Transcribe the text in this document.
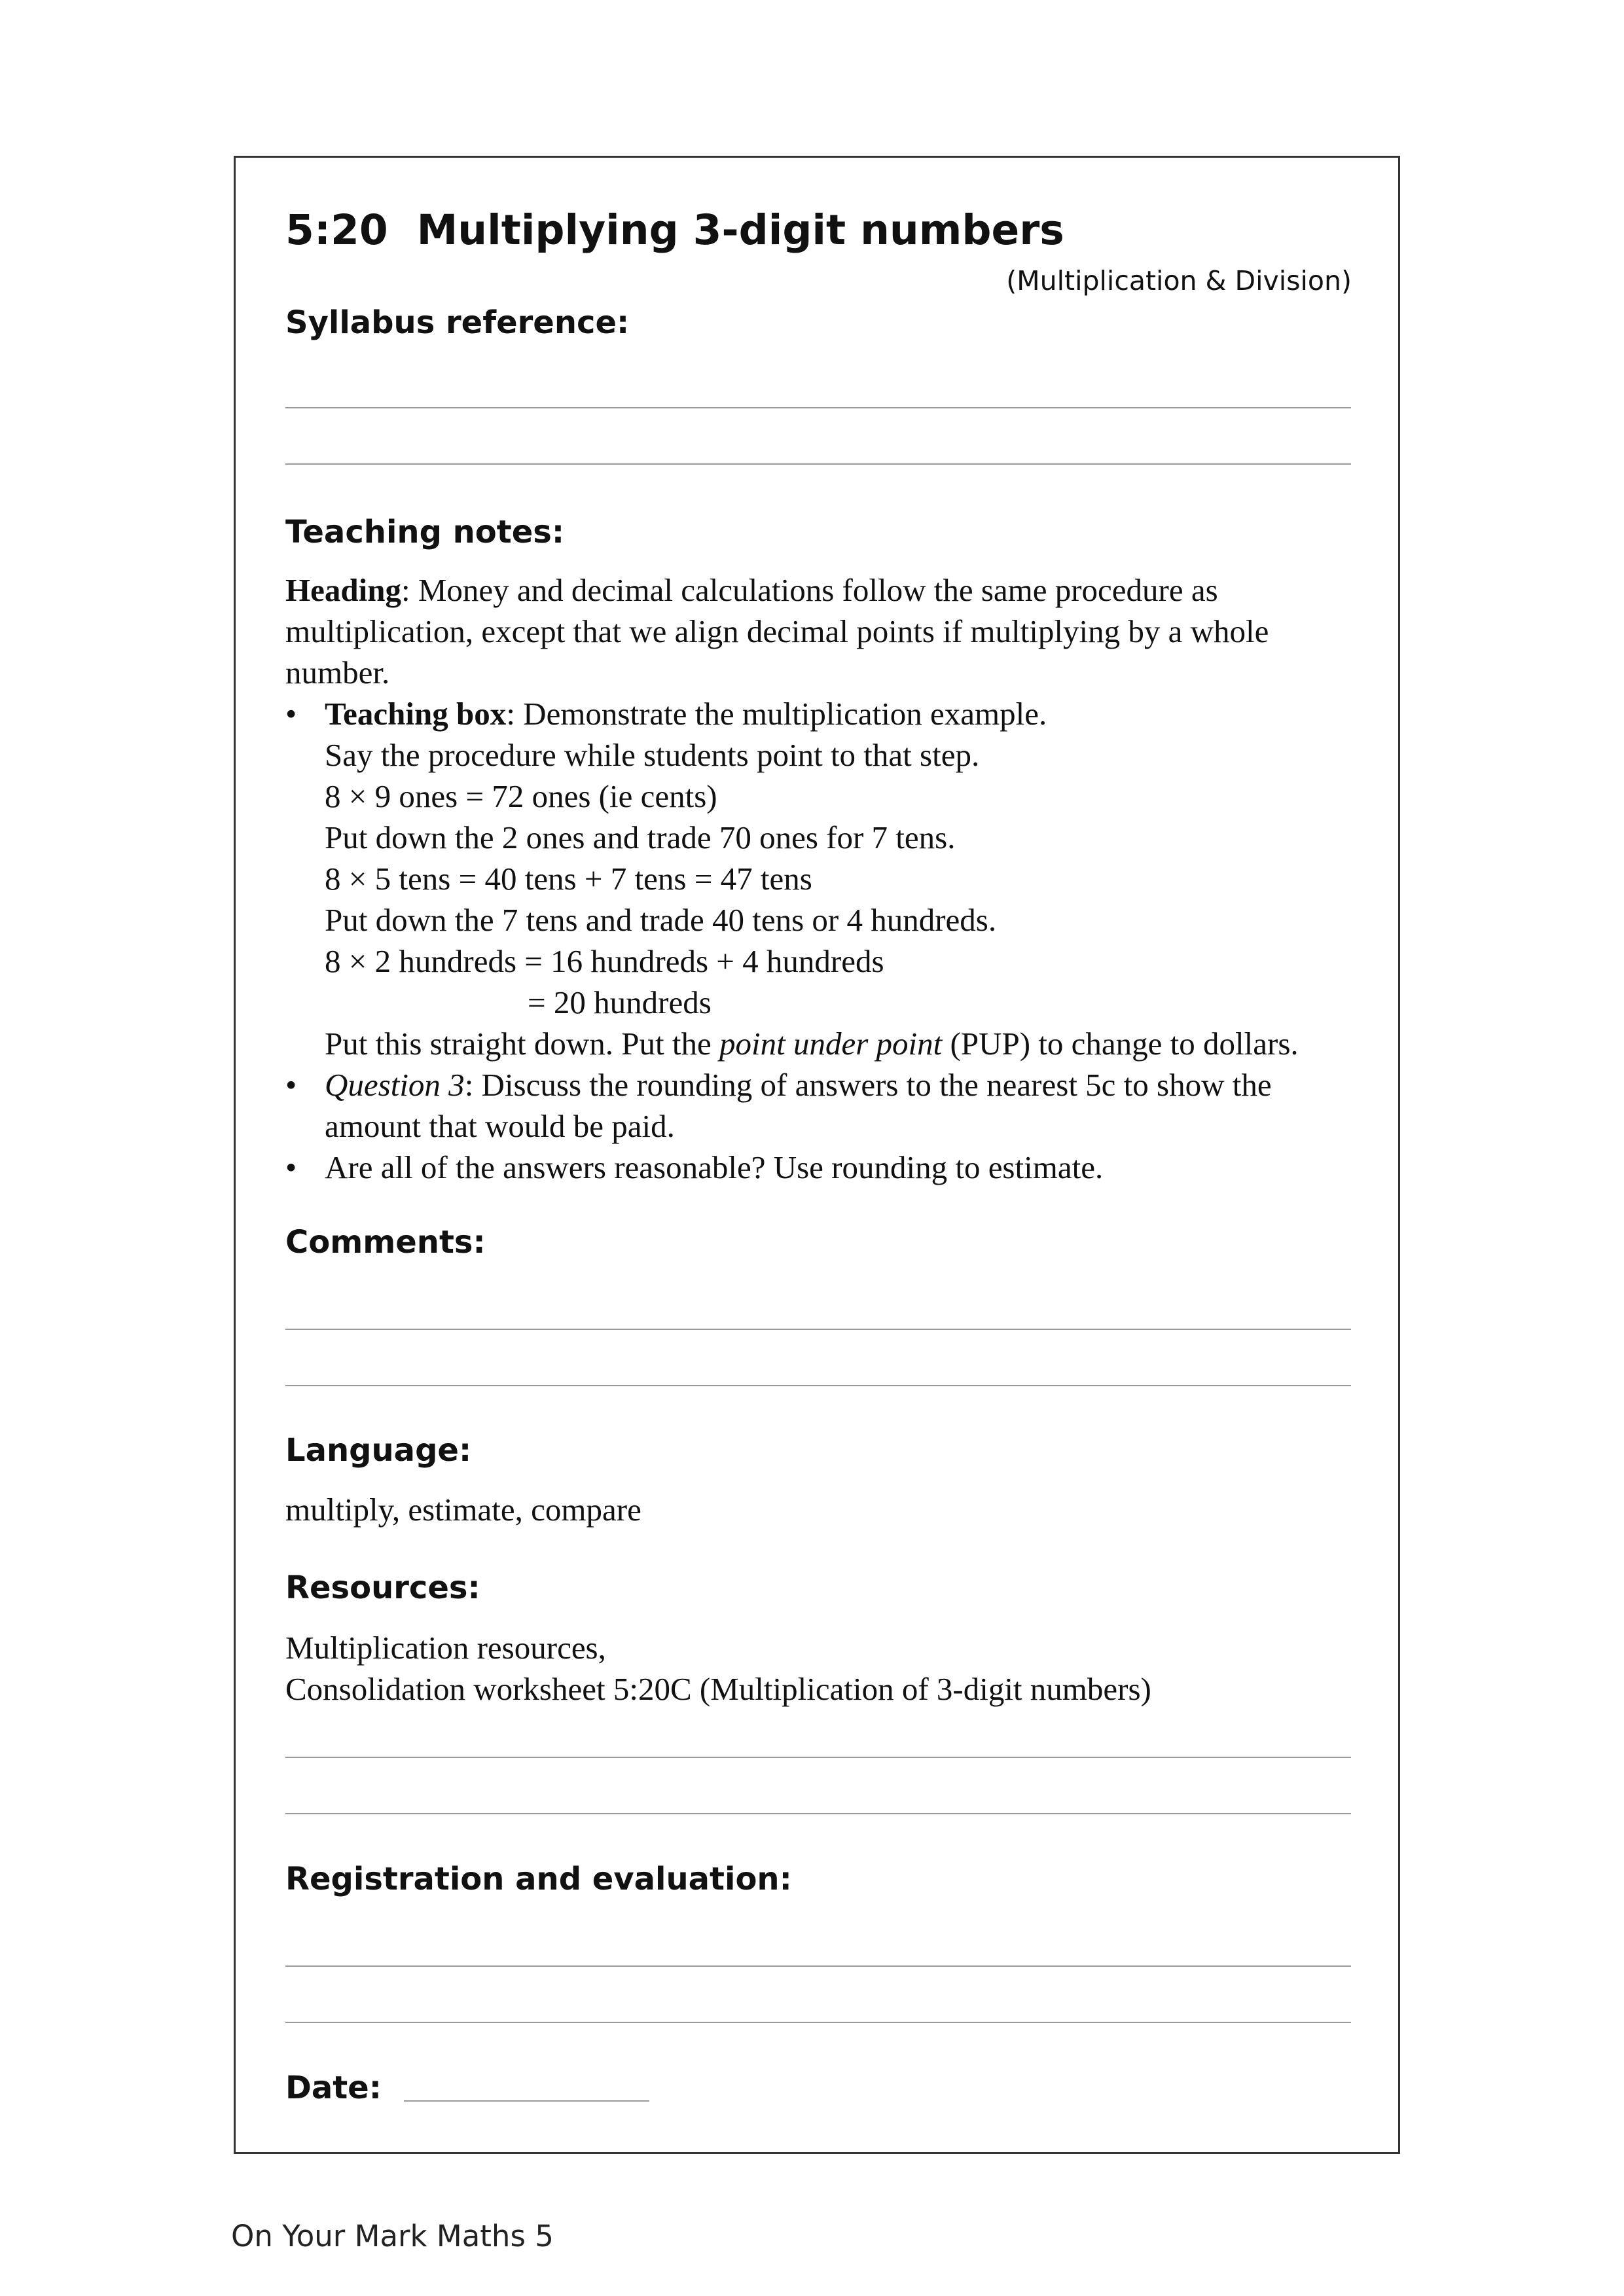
5:20  Multiplying 3-digit numbers
(Multiplication & Division)
Syllabus reference:
Teaching notes:

Heading: Money and decimal calculations follow the same procedure as multiplication, except that we align decimal points if multiplying by a whole number.

• Teaching box: Demonstrate the multiplication example.

Say the procedure while students point to that step.

8 × 9 ones = 72 ones (ie cents)

Put down the 2 ones and trade 70 ones for 7 tens.

8 × 5 tens = 40 tens + 7 tens = 47 tens

Put down the 7 tens and trade 40 tens or 4 hundreds.

8 × 2 hundreds = 16 hundreds + 4 hundreds

= 20 hundreds

Put this straight down. Put the point under point (PUP) to change to dollars.

• Question 3: Discuss the rounding of answers to the nearest 5c to show the amount that would be paid.

• Are all of the answers reasonable? Use rounding to estimate.

Comments:
Language:
multiply, estimate, compare
Resources:

Multiplication resources,

Consolidation worksheet 5:20C (Multiplication of 3-digit numbers)

Registration and evaluation:
Date:
On Your Mark Maths 5
